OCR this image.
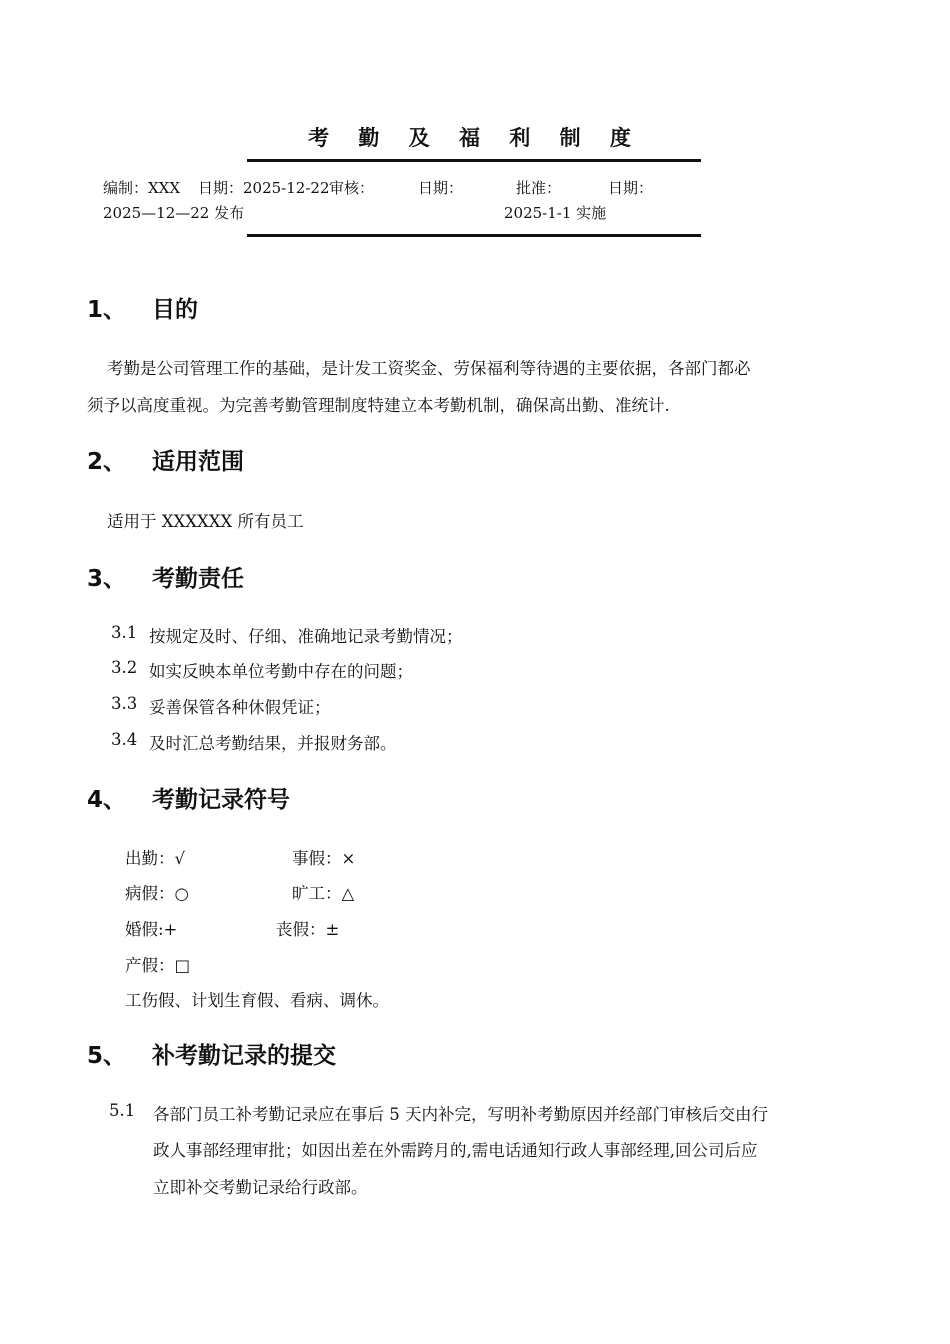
考 勤 及 福 利 制 度
编制：XXX 日期：2025-12-22 审核：	日期：	批准：	日期：
2025—12—22 发布	2025-1-1 实施
1、 目的
考勤是公司管理工作的基础，是计发工资奖金、劳保福利等待遇的主要依据，各部门都必
须予以高度重视。为完善考勤管理制度特建立本考勤机制，确保高出勤、准统计.
2、 适用范围
适用于 XXXXXX 所有员工
3、 考勤责任
3.1 按规定及时、仔细、准确地记录考勤情况；
3.2 如实反映本单位考勤中存在的问题；
3.3 妥善保管各种休假凭证；
3.4 及时汇总考勤结果，并报财务部。
4、 考勤记录符号
出勤：√	事假：×
病假：○	旷工：△
婚假:+	丧假：±
产假：□
工伤假、计划生育假、看病、调休。
5、 补考勤记录的提交
5.1 各部门员工补考勤记录应在事后 5 天内补完，写明补考勤原因并经部门审核后交由行
政人事部经理审批；如因出差在外需跨月的,需电话通知行政人事部经理,回公司后应
立即补交考勤记录给行政部。
